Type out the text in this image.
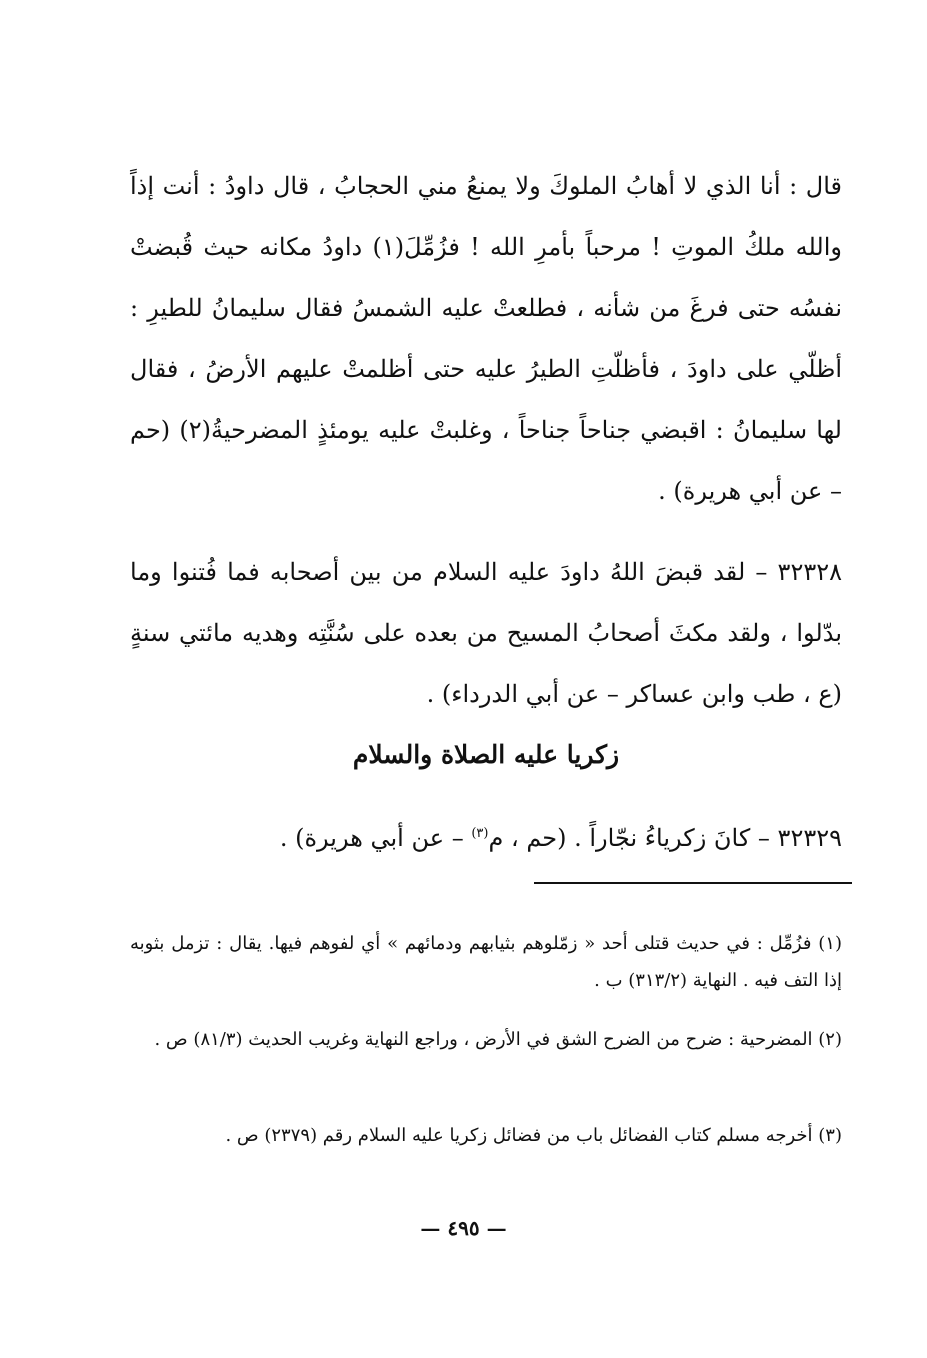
قال : أنا الذي لا أهابُ الملوكَ ولا يمنعُ مني الحجابُ ، قال داودُ : أنت إذاً والله ملكُ الموتِ ! مرحباً بأمرِ الله ! فزُمِّلَ(١) داودُ مكانه حيث قُبضتْ نفسُه حتى فرغَ من شأنه ، فطلعتْ عليه الشمسُ فقال سليمانُ للطيرِ : أظلّي على داودَ ، فأظلّتِ الطيرُ عليه حتى أظلمتْ عليهم الأرضُ ، فقال لها سليمانُ : اقبضي جناحاً جناحاً ، وغلبتْ عليه يومئذٍ المضرحيةُ(٢) (حم – عن أبي هريرة) .

٣٢٣٢٨ – لقد قبضَ اللهُ داودَ عليه السلام من بين أصحابه فما فُتنوا وما بدّلوا ، ولقد مكثَ أصحابُ المسيح من بعده على سُنَّتِه وهديه مائتي سنةٍ (ع ، طب وابن عساكر – عن أبي الدرداء) .

زكريا عليه الصلاة والسلام
٣٢٣٢٩ – كانَ زكرياءُ نجّاراً . (حم ، م$^{(٣)}$ – عن أبي هريرة) .

(١) فزُمِّل : في حديث قتلى أحد « زمّلوهم بثيابهم ودمائهم » أي لفوهم فيها. يقال : تزمل بثوبه إذا التف فيه . النهاية (٣١٣/٢) ب .

(٢) المضرحية : ضرح من الضرح الشق في الأرض ، وراجع النهاية وغريب الحديث (٨١/٣) ص .

(٣) أخرجه مسلم كتاب الفضائل باب من فضائل زكريا عليه السلام رقم (٢٣٧٩) ص .

— ٤٩٥ —
